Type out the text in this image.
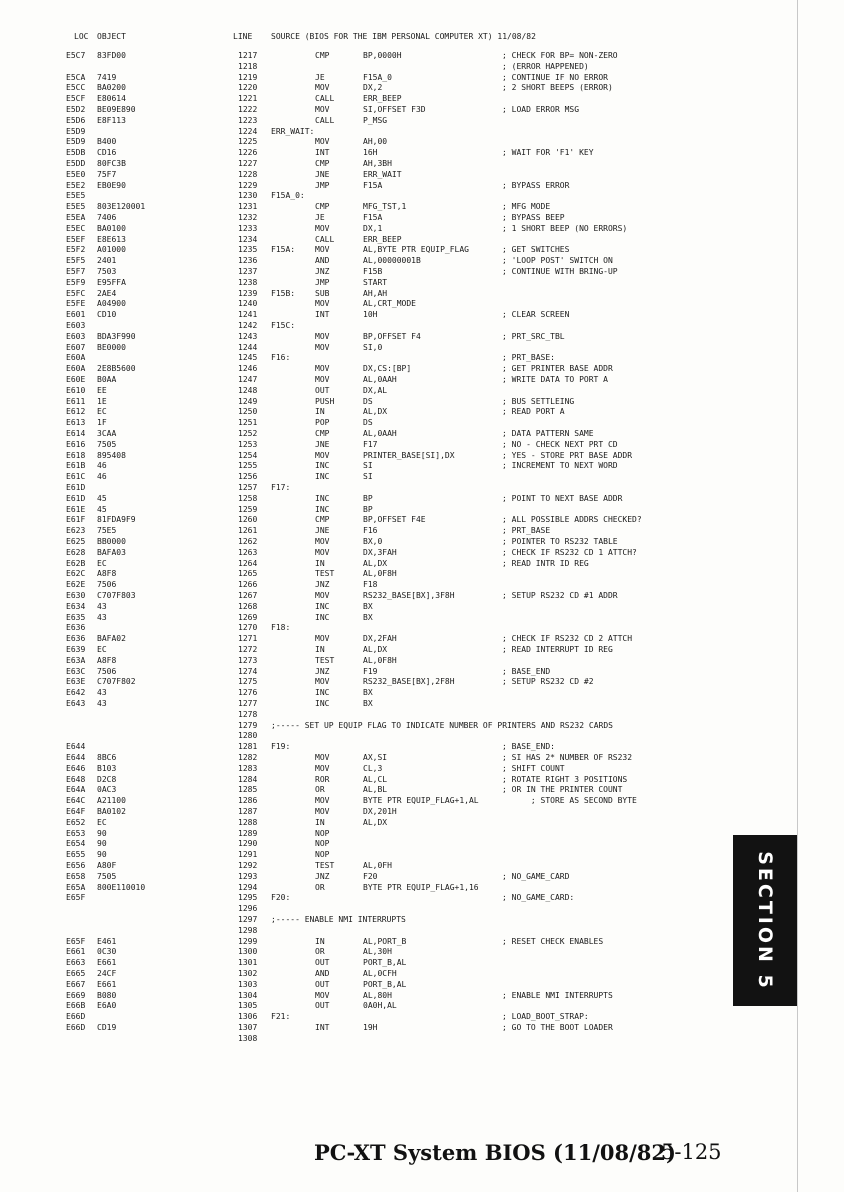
LOC OBJECT	LINE SOURCE (BIOS FOR THE IBM PERSONAL COMPUTER XT) 11/08/82
E5C7 83FD00	1217	CMP	BP,0000H	; CHECK FOR BP= NON-ZERO
1218	; (ERROR HAPPENED)
E5CA 7419	1219	JE	F15A_0	; CONTINUE IF NO ERROR
E5CC BA0200	1220	MOV	DX,2	; 2 SHORT BEEPS (ERROR)
E5CF E80614	1221	CALL	ERR_BEEP
E5D2 BE09E890	1222	MOV	SI,OFFSET F3D	; LOAD ERROR MSG
E5D6 E8F113	1223	CALL	P_MSG
E5D9	1224 ERR_WAIT:
E5D9 B400	1225	MOV	AH,00
E5DB CD16	1226	INT	16H	; WAIT FOR 'F1' KEY
E5DD 80FC3B	1227	CMP	AH,3BH
E5E0 75F7	1228	JNE	ERR_WAIT
E5E2 EB0E90	1229	JMP	F15A	; BYPASS ERROR
E5E5	1230 F15A_0:
E5E5 803E120001	1231	CMP	MFG_TST,1	; MFG MODE
E5EA 7406	1232	JE	F15A	; BYPASS BEEP
E5EC BA0100	1233	MOV	DX,1	; 1 SHORT BEEP (NO ERRORS)
E5EF E8E613	1234	CALL	ERR_BEEP
E5F2 A01000	1235 F15A: MOV	AL,BYTE PTR EQUIP_FLAG	; GET SWITCHES
E5F5 2401	1236	AND	AL,00000001B	; 'LOOP POST' SWITCH ON
E5F7 7503	1237	JNZ	F15B	; CONTINUE WITH BRING-UP
E5F9 E95FFA	1238	JMP	START
E5FC 2AE4	1239 F15B: SUB	AH,AH
E5FE A04900	1240	MOV	AL,CRT_MODE
E601 CD10	1241	INT	10H	; CLEAR SCREEN
E603	1242 F15C:
E603 BDA3F990	1243	MOV	BP,OFFSET F4	; PRT_SRC_TBL
E607 BE0000	1244	MOV	SI,0
E60A	1245 F16:	; PRT_BASE:
E60A 2E8B5600	1246	MOV	DX,CS:[BP]	; GET PRINTER BASE ADDR
E60E B0AA	1247	MOV	AL,0AAH	; WRITE DATA TO PORT A
E610 EE	1248	OUT	DX,AL
E611 1E	1249	PUSH	DS	; BUS SETTLEING
E612 EC	1250	IN	AL,DX	; READ PORT A
E613 1F	1251	POP	DS
E614 3CAA	1252	CMP	AL,0AAH	; DATA PATTERN SAME
E616 7505	1253	JNE	F17	; NO - CHECK NEXT PRT CD
E618 895408	1254	MOV	PRINTER_BASE[SI],DX	; YES - STORE PRT BASE ADDR
E61B 46	1255	INC	SI	; INCREMENT TO NEXT WORD
E61C 46	1256	INC	SI
E61D	1257 F17:
E61D 45	1258	INC	BP	; POINT TO NEXT BASE ADDR
E61E 45	1259	INC	BP
E61F 81FDA9F9	1260	CMP	BP,OFFSET F4E	; ALL POSSIBLE ADDRS CHECKED?
E623 75E5	1261	JNE	F16	; PRT_BASE
E625 BB0000	1262	MOV	BX,0	; POINTER TO RS232 TABLE
E628 BAFA03	1263	MOV	DX,3FAH	; CHECK IF RS232 CD 1 ATTCH?
E62B EC	1264	IN	AL,DX	; READ INTR ID REG
E62C A8F8	1265	TEST	AL,0F8H
E62E 7506	1266	JNZ	F18
E630 C707F803	1267	MOV	RS232_BASE[BX],3F8H	; SETUP RS232 CD #1 ADDR
E634 43	1268	INC	BX
E635 43	1269	INC	BX
E636	1270 F18:
E636 BAFA02	1271	MOV	DX,2FAH	; CHECK IF RS232 CD 2 ATTCH
E639 EC	1272	IN	AL,DX	; READ INTERRUPT ID REG
E63A A8F8	1273	TEST	AL,0F8H
E63C 7506	1274	JNZ	F19	; BASE_END
E63E C707F802	1275	MOV	RS232_BASE[BX],2F8H	; SETUP RS232 CD #2
E642 43	1276	INC	BX
E643 43	1277	INC	BX
1278
1279 ;----- SET UP EQUIP FLAG TO INDICATE NUMBER OF PRINTERS AND RS232 CARDS
1280
E644	1281 F19:	; BASE_END:
E644 8BC6	1282	MOV	AX,SI	; SI HAS 2* NUMBER OF RS232
E646 B103	1283	MOV	CL,3	; SHIFT COUNT
E648 D2C8	1284	ROR	AL,CL	; ROTATE RIGHT 3 POSITIONS
E64A 0AC3	1285	OR	AL,BL	; OR IN THE PRINTER COUNT
E64C A21100	1286	MOV	BYTE PTR EQUIP_FLAG+1,AL	; STORE AS SECOND BYTE
E64F BA0102	1287	MOV	DX,201H
E652 EC	1288	IN	AL,DX
E653 90	1289	NOP
E654 90	1290	NOP
E655 90	1291	NOP
E656 A80F	1292	TEST	AL,0FH
E658 7505	1293	JNZ	F20	; NO_GAME_CARD
E65A 800E110010	1294	OR	BYTE PTR EQUIP_FLAG+1,16
E65F	1295 F20:	; NO_GAME_CARD:
1296
1297 ;----- ENABLE NMI INTERRUPTS
1298
E65F E461	1299	IN	AL,PORT_B	; RESET CHECK ENABLES
E661 0C30	1300	OR	AL,30H
E663 E661	1301	OUT	PORT_B,AL
E665 24CF	1302	AND	AL,0CFH
E667 E661	1303	OUT	PORT_B,AL
E669 B080	1304	MOV	AL,80H	; ENABLE NMI INTERRUPTS
E66B E6A0	1305	OUT	0A0H,AL
E66D	1306 F21:	; LOAD_BOOT_STRAP:
E66D CD19	1307	INT	19H	; GO TO THE BOOT LOADER
1308
SECTION 5
PC-XT System BIOS (11/08/82)
5-125
